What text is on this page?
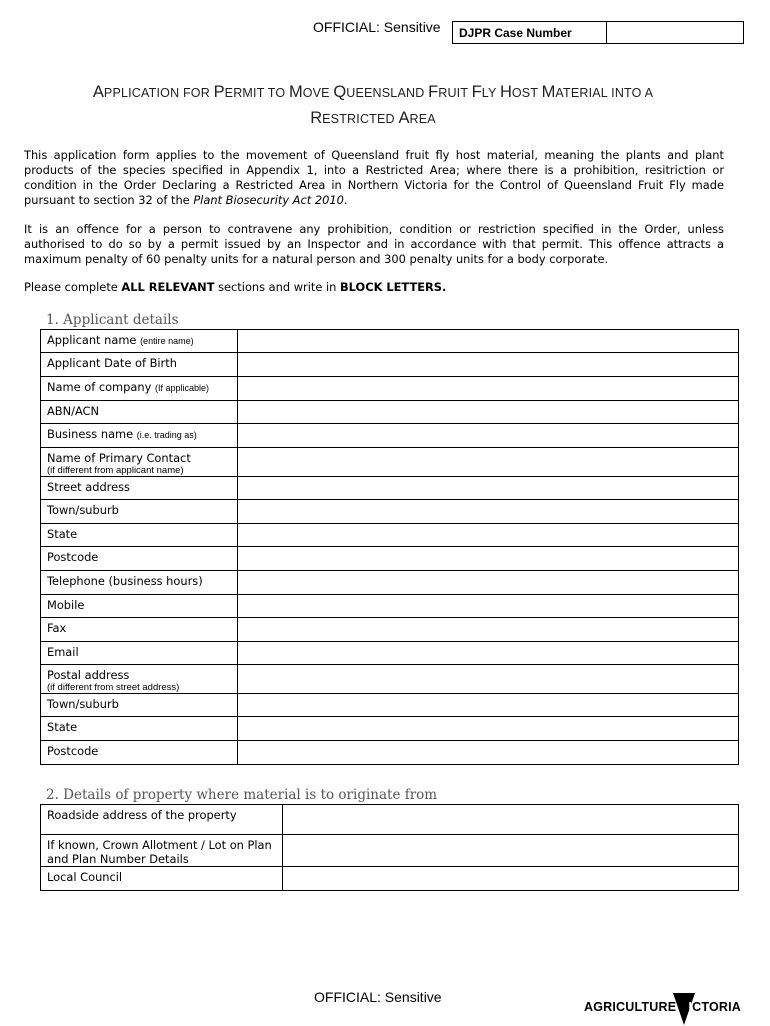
OFFICIAL: Sensitive	DJPR Case Number
APPLICATION FOR PERMIT TO MOVE QUEENSLAND FRUIT FLY HOST MATERIAL INTO A
RESTRICTED AREA
This application form applies to the movement of Queensland fruit fly host material, meaning the plants and plant products of the species specified in Appendix 1, into a Restricted Area; where there is a prohibition, resitriction or condition in the Order Declaring a Restricted Area in Northern Victoria for the Control of Queensland Fruit Fly made pursuant to section 32 of the Plant Biosecurity Act 2010.
It is an offence for a person to contravene any prohibition, condition or restriction specified in the Order, unless authorised to do so by a permit issued by an Inspector and in accordance with that permit. This offence attracts a maximum penalty of 60 penalty units for a natural person and 300 penalty units for a body corporate.
Please complete ALL RELEVANT sections and write in BLOCK LETTERS.
1. Applicant details
Applicant name (entire name)	
Applicant Date of Birth	
Name of company (If applicable)	
ABN/ACN	
Business name (i.e. trading as)	
Name of Primary Contact
(if different from applicant name)	

Street address	
Town/suburb	
State	
Postcode	
Telephone (business hours)	
Mobile	
Fax	
Email	
Postal address
(if different from street address)	

Town/suburb	
State	
Postcode	
2. Details of property where material is to originate from
Roadside address of the property	
If known, Crown Allotment / Lot on Plan and Plan Number Details	
Local Council	
OFFICIAL: Sensitive
AGRICULTURE VICTORIA
